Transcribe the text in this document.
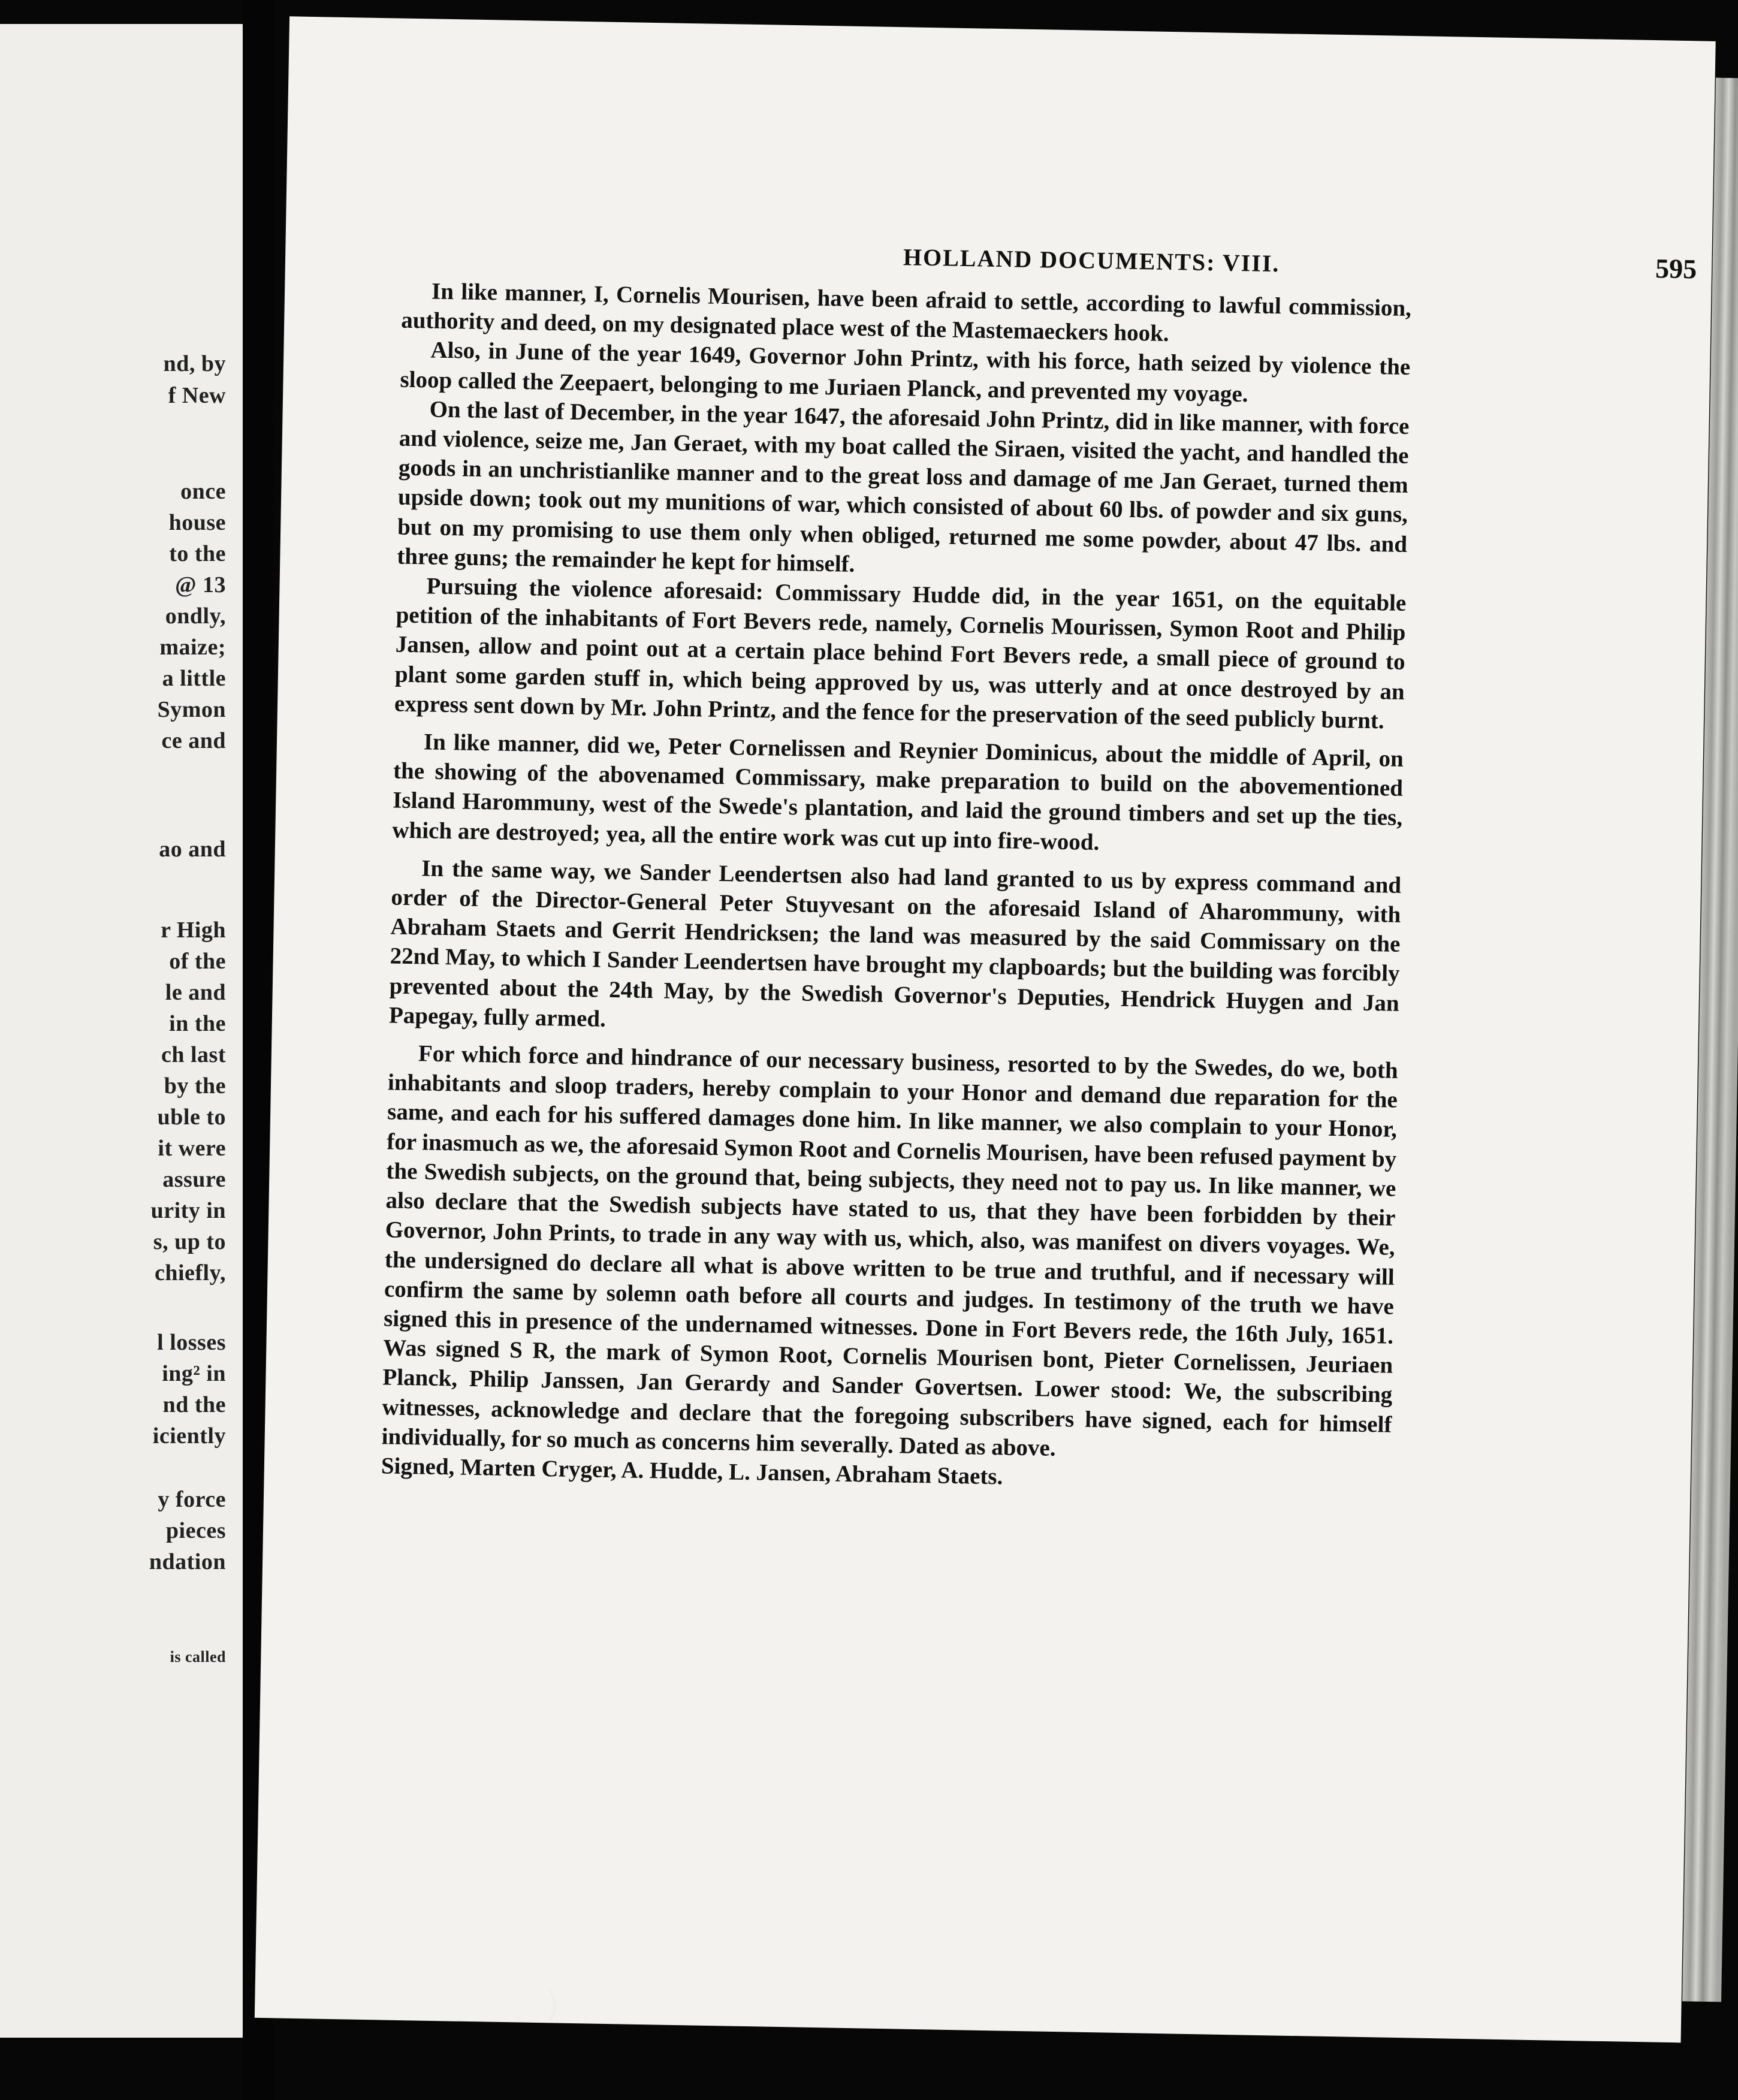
nd, by
f New
once
house
to the
@ 13
ondly,
maize;
a little
Symon
ce and
ao and
r High
of the
le and
in the
ch last
by the
uble to
it were
assure
urity in
s, up to
chiefly,
l losses
ing² in
nd the
iciently
y force
pieces
ndation
is called
HOLLAND DOCUMENTS: VIII.	595

In like manner, I, Cornelis Mourisen, have been afraid to settle, according to lawful commission, authority and deed, on my designated place west of the Mastemaeckers hook.

Also, in June of the year 1649, Governor John Printz, with his force, hath seized by violence the sloop called the Zeepaert, belonging to me Juriaen Planck, and prevented my voyage.

On the last of December, in the year 1647, the aforesaid John Printz, did in like manner, with force and violence, seize me, Jan Geraet, with my boat called the Siraen, visited the yacht, and handled the goods in an unchristianlike manner and to the great loss and damage of me Jan Geraet, turned them upside down; took out my munitions of war, which consisted of about 60 lbs. of powder and six guns, but on my promising to use them only when obliged, returned me some powder, about 47 lbs. and three guns; the remainder he kept for himself.

Pursuing the violence aforesaid: Commissary Hudde did, in the year 1651, on the equitable petition of the inhabitants of Fort Bevers rede, namely, Cornelis Mourissen, Symon Root and Philip Jansen, allow and point out at a certain place behind Fort Bevers rede, a small piece of ground to plant some garden stuff in, which being approved by us, was utterly and at once destroyed by an express sent down by Mr. John Printz, and the fence for the preservation of the seed publicly burnt.

In like manner, did we, Peter Cornelissen and Reynier Dominicus, about the middle of April, on the showing of the abovenamed Commissary, make preparation to build on the abovementioned Island Harommuny, west of the Swede's plantation, and laid the ground timbers and set up the ties, which are destroyed; yea, all the entire work was cut up into fire-wood.

In the same way, we Sander Leendertsen also had land granted to us by express command and order of the Director-General Peter Stuyvesant on the aforesaid Island of Aharommuny, with Abraham Staets and Gerrit Hendricksen; the land was measured by the said Commissary on the 22nd May, to which I Sander Leendertsen have brought my clapboards; but the building was forcibly prevented about the 24th May, by the Swedish Governor's Deputies, Hendrick Huygen and Jan Papegay, fully armed.

For which force and hindrance of our necessary business, resorted to by the Swedes, do we, both inhabitants and sloop traders, hereby complain to your Honor and demand due reparation for the same, and each for his suffered damages done him. In like manner, we also complain to your Honor, for inasmuch as we, the aforesaid Symon Root and Cornelis Mourisen, have been refused payment by the Swedish subjects, on the ground that, being subjects, they need not to pay us. In like manner, we also declare that the Swedish subjects have stated to us, that they have been forbidden by their Governor, John Prints, to trade in any way with us, which, also, was manifest on divers voyages. We, the undersigned do declare all what is above written to be true and truthful, and if necessary will confirm the same by solemn oath before all courts and judges. In testimony of the truth we have signed this in presence of the undernamed witnesses. Done in Fort Bevers rede, the 16th July, 1651. Was signed S R, the mark of Symon Root, Cornelis Mourisen bont, Pieter Cornelissen, Jeuriaen Planck, Philip Janssen, Jan Gerardy and Sander Govertsen. Lower stood: We, the subscribing witnesses, acknowledge and declare that the foregoing subscribers have signed, each for himself individually, for so much as concerns him severally. Dated as above.

Signed, Marten Cryger, A. Hudde, L. Jansen, Abraham Staets.

)
